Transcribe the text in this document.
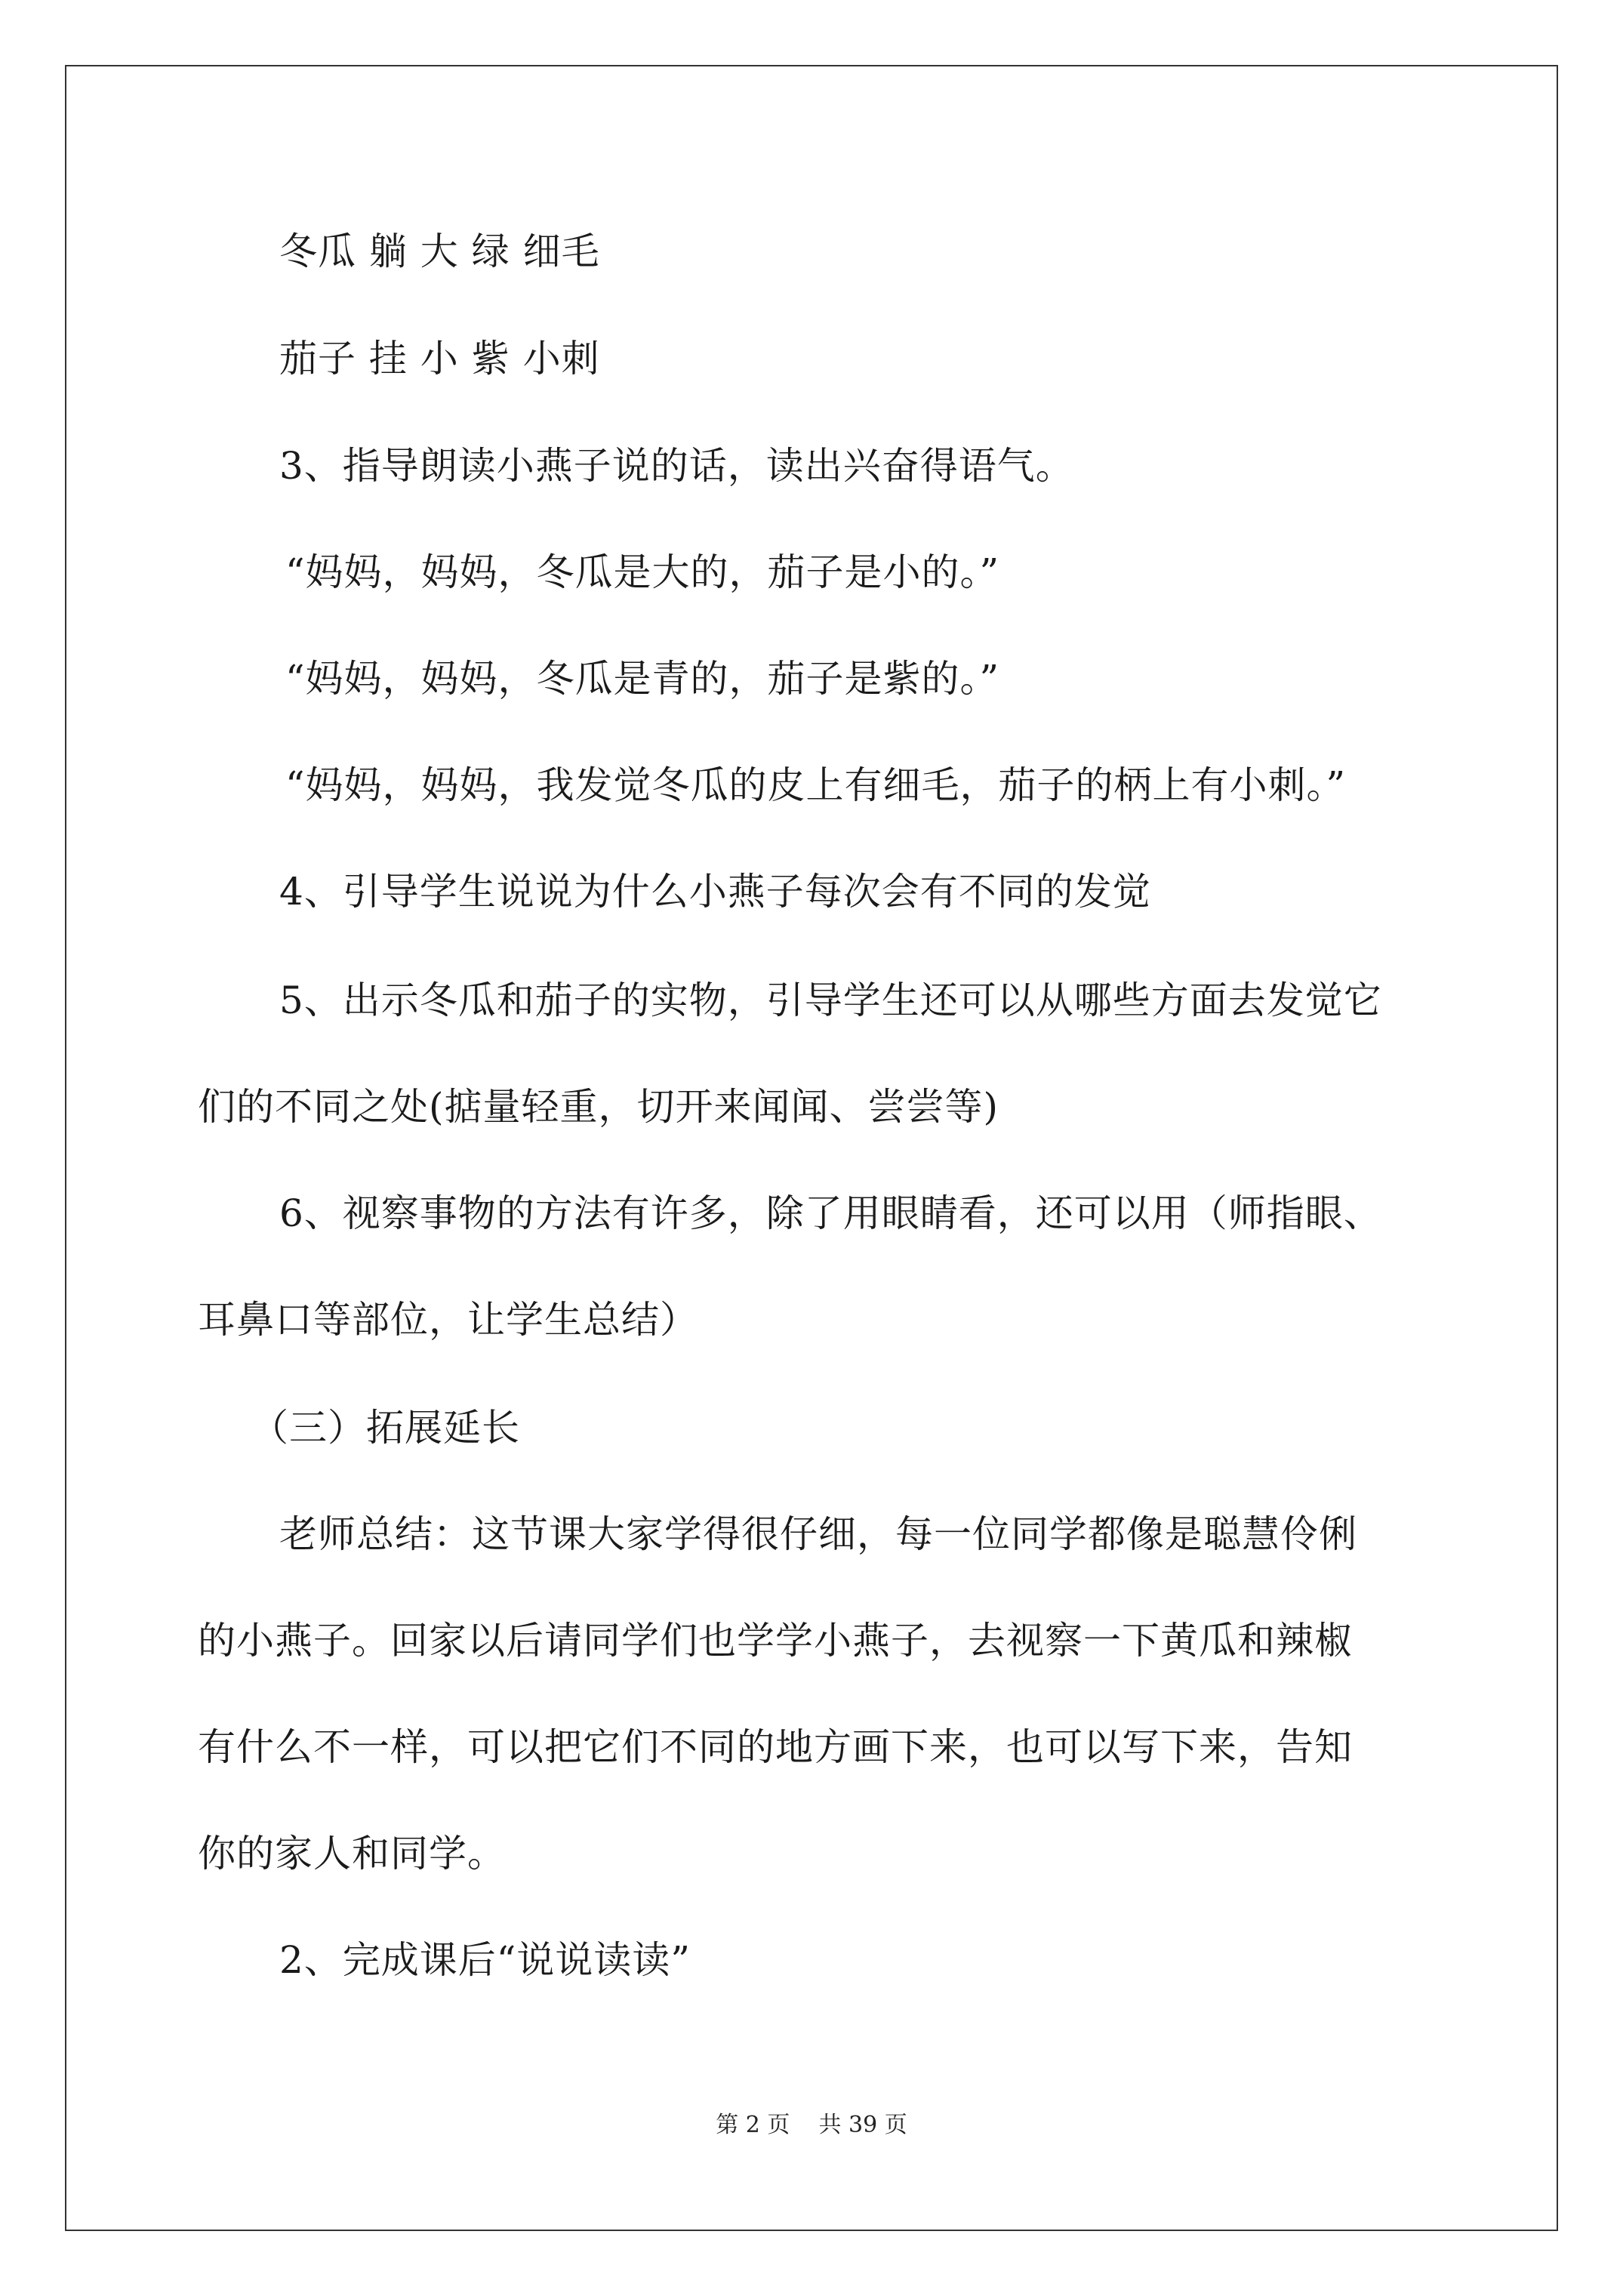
冬瓜 躺 大 绿 细毛
茄子 挂 小 紫 小刺
3、指导朗读小燕子说的话，读出兴奋得语气。
“妈妈，妈妈，冬瓜是大的，茄子是小的。”
“妈妈，妈妈，冬瓜是青的，茄子是紫的。”
“妈妈，妈妈，我发觉冬瓜的皮上有细毛，茄子的柄上有小刺。”
4、引导学生说说为什么小燕子每次会有不同的发觉
5、出示冬瓜和茄子的实物，引导学生还可以从哪些方面去发觉它
们的不同之处(掂量轻重，切开来闻闻、尝尝等)
6、视察事物的方法有许多，除了用眼睛看，还可以用（师指眼、
耳鼻口等部位，让学生总结）
（三）拓展延长
老师总结：这节课大家学得很仔细，每一位同学都像是聪慧伶俐
的小燕子。回家以后请同学们也学学小燕子，去视察一下黄瓜和辣椒
有什么不一样，可以把它们不同的地方画下来，也可以写下来，告知
你的家人和同学。
2、完成课后“说说读读”
第 2 页    共 39 页
